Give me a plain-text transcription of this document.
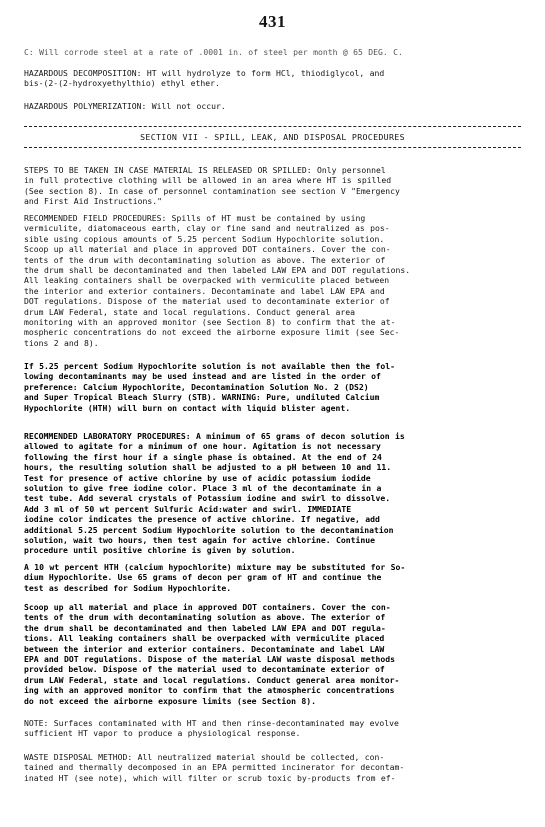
431
C: Will corrode steel at a rate of .0001 in. of steel per month @ 65 DEG. C.
HAZARDOUS DECOMPOSITION: HT will hydrolyze to form HCl, thiodiglycol, and
bis-(2-(2-hydroxyethylthio) ethyl ether.
HAZARDOUS POLYMERIZATION: Will not occur.
SECTION VII - SPILL, LEAK, AND DISPOSAL PROCEDURES
STEPS TO BE TAKEN IN CASE MATERIAL IS RELEASED OR SPILLED: Only personnel
in full protective clothing will be allowed in an area where HT is spilled
(See section 8). In case of personnel contamination see section V "Emergency
and First Aid Instructions."
RECOMMENDED FIELD PROCEDURES: Spills of HT must be contained by using
vermiculite, diatomaceous earth, clay or fine sand and neutralized as pos-
sible using copious amounts of 5.25 percent Sodium Hypochlorite solution.
Scoop up all material and place in approved DOT containers. Cover the con-
tents of the drum with decontaminating solution as above. The exterior of
the drum shall be decontaminated and then labeled LAW EPA and DOT regulations.
All leaking containers shall be overpacked with vermiculite placed between
the interior and exterior containers. Decontaminate and label LAW EPA and
DOT regulations. Dispose of the material used to decontaminate exterior of
drum LAW Federal, state and local regulations. Conduct general area
monitoring with an approved monitor (see Section 8) to confirm that the at-
mospheric concentrations do not exceed the airborne exposure limit (see Sec-
tions 2 and 8).
If 5.25 percent Sodium Hypochlorite solution is not available then the fol-
lowing decontaminants may be used instead and are listed in the order of
preference: Calcium Hypochlorite, Decontamination Solution No. 2 (DS2)
and Super Tropical Bleach Slurry (STB). WARNING: Pure, undiluted Calcium
Hypochlorite (HTH) will burn on contact with liquid blister agent.
RECOMMENDED LABORATORY PROCEDURES: A minimum of 65 grams of decon solution is
allowed to agitate for a minimum of one hour. Agitation is not necessary
following the first hour if a single phase is obtained. At the end of 24
hours, the resulting solution shall be adjusted to a pH between 10 and 11.
Test for presence of active chlorine by use of acidic potassium iodide
solution to give free iodine color. Place 3 ml of the decontaminate in a
test tube. Add several crystals of Potassium iodine and swirl to dissolve.
Add 3 ml of 50 wt percent Sulfuric Acid:water and swirl. IMMEDIATE
iodine color indicates the presence of active chlorine. If negative, add
additional 5.25 percent Sodium Hypochlorite solution to the decontamination
solution, wait two hours, then test again for active chlorine. Continue
procedure until positive chlorine is given by solution.
A 10 wt percent HTH (calcium hypochlorite) mixture may be substituted for So-
dium Hypochlorite. Use 65 grams of decon per gram of HT and continue the
test as described for Sodium Hypochlorite.
Scoop up all material and place in approved DOT containers. Cover the con-
tents of the drum with decontaminating solution as above. The exterior of
the drum shall be decontaminated and then labeled LAW EPA and DOT regula-
tions. All leaking containers shall be overpacked with vermiculite placed
between the interior and exterior containers. Decontaminate and label LAW
EPA and DOT regulations. Dispose of the material LAW waste disposal methods
provided below. Dispose of the material used to decontaminate exterior of
drum LAW Federal, state and local regulations. Conduct general area monitor-
ing with an approved monitor to confirm that the atmospheric concentrations
do not exceed the airborne exposure limits (see Section 8).
NOTE: Surfaces contaminated with HT and then rinse-decontaminated may evolve
sufficient HT vapor to produce a physiological response.
WASTE DISPOSAL METHOD: All neutralized material should be collected, con-
tained and thermally decomposed in an EPA permitted incinerator for decontam-
inated HT (see note), which will filter or scrub toxic by-products from ef-
